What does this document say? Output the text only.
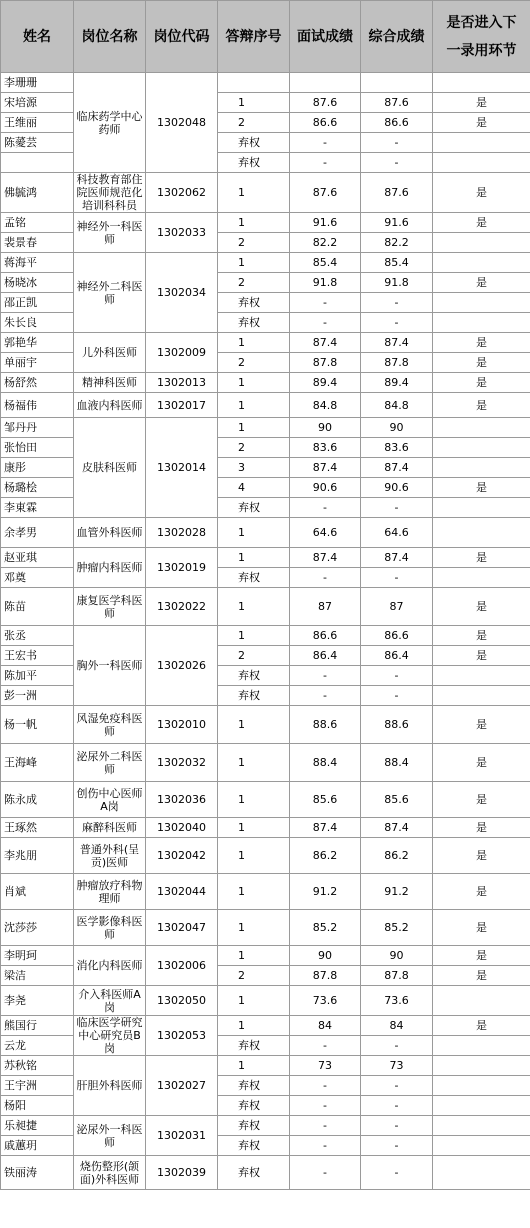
姓名	岗位名称	岗位代码	答辩序号	面试成绩	综合成绩	是否进入下
一录用环节

李珊珊	临床药学中心药师	1302048				
宋培源			1	87.6	87.6	是
王维丽			2	86.6	86.6	是
陈薆芸			弃权	-	-	
			弃权	-	-	
佛毓鸿	科技教育部住院医师规范化培训科科员	1302062	1	87.6	87.6	是
孟铭	神经外一科医师	1302033	1	91.6	91.6	是
裴景春			2	82.2	82.2	
蒋海平	神经外二科医师	1302034	1	85.4	85.4	
杨晓冰			2	91.8	91.8	是
邵正凯			弃权	-	-	
朱长良			弃权	-	-	
郭艳华	儿外科医师	1302009	1	87.4	87.4	是
单丽宇			2	87.8	87.8	是
杨舒然	精神科医师	1302013	1	89.4	89.4	是
杨福伟	血液内科医师	1302017	1	84.8	84.8	是
邹丹丹	皮肤科医师	1302014	1	90	90	
张怡田			2	83.6	83.6	
康彤			3	87.4	87.4	
杨璐桧			4	90.6	90.6	是
李東霖			弃权	-	-	
余孝男	血管外科医师	1302028	1	64.6	64.6	
赵亚琪	肿瘤内科医师	1302019	1	87.4	87.4	是
邓奠			弃权	-	-	
陈苗	康复医学科医师	1302022	1	87	87	是
张丞	胸外一科医师	1302026	1	86.6	86.6	是
王宏书			2	86.4	86.4	是
陈加平			弃权	-	-	
彭一洲			弃权	-	-	
杨一帆	风湿免疫科医师	1302010	1	88.6	88.6	是
王海峰	泌尿外二科医师	1302032	1	88.4	88.4	是
陈永成	创伤中心医师A岗	1302036	1	85.6	85.6	是
王琢然	麻醉科医师	1302040	1	87.4	87.4	是
李兆朋	普通外科(呈贡)医师	1302042	1	86.2	86.2	是
肖斌	肿瘤放疗科物理师	1302044	1	91.2	91.2	是
沈莎莎	医学影像科医师	1302047	1	85.2	85.2	是
李明珂	消化内科医师	1302006	1	90	90	是
梁洁			2	87.8	87.8	是
李尧	介入科医师A岗	1302050	1	73.6	73.6	
熊国行	临床医学研究中心研究员B岗	1302053	1	84	84	是
云龙			弃权	-	-	
苏秋铭	肝胆外科医师	1302027	1	73	73	
王宇洲			弃权	-	-	
杨阳			弃权	-	-	
乐昶捷	泌尿外一科医师	1302031	弃权	-	-	
戚蕙玥			弃权	-	-	
铁丽涛	烧伤整形(颌面)外科医师	1302039	弃权	-	-	
